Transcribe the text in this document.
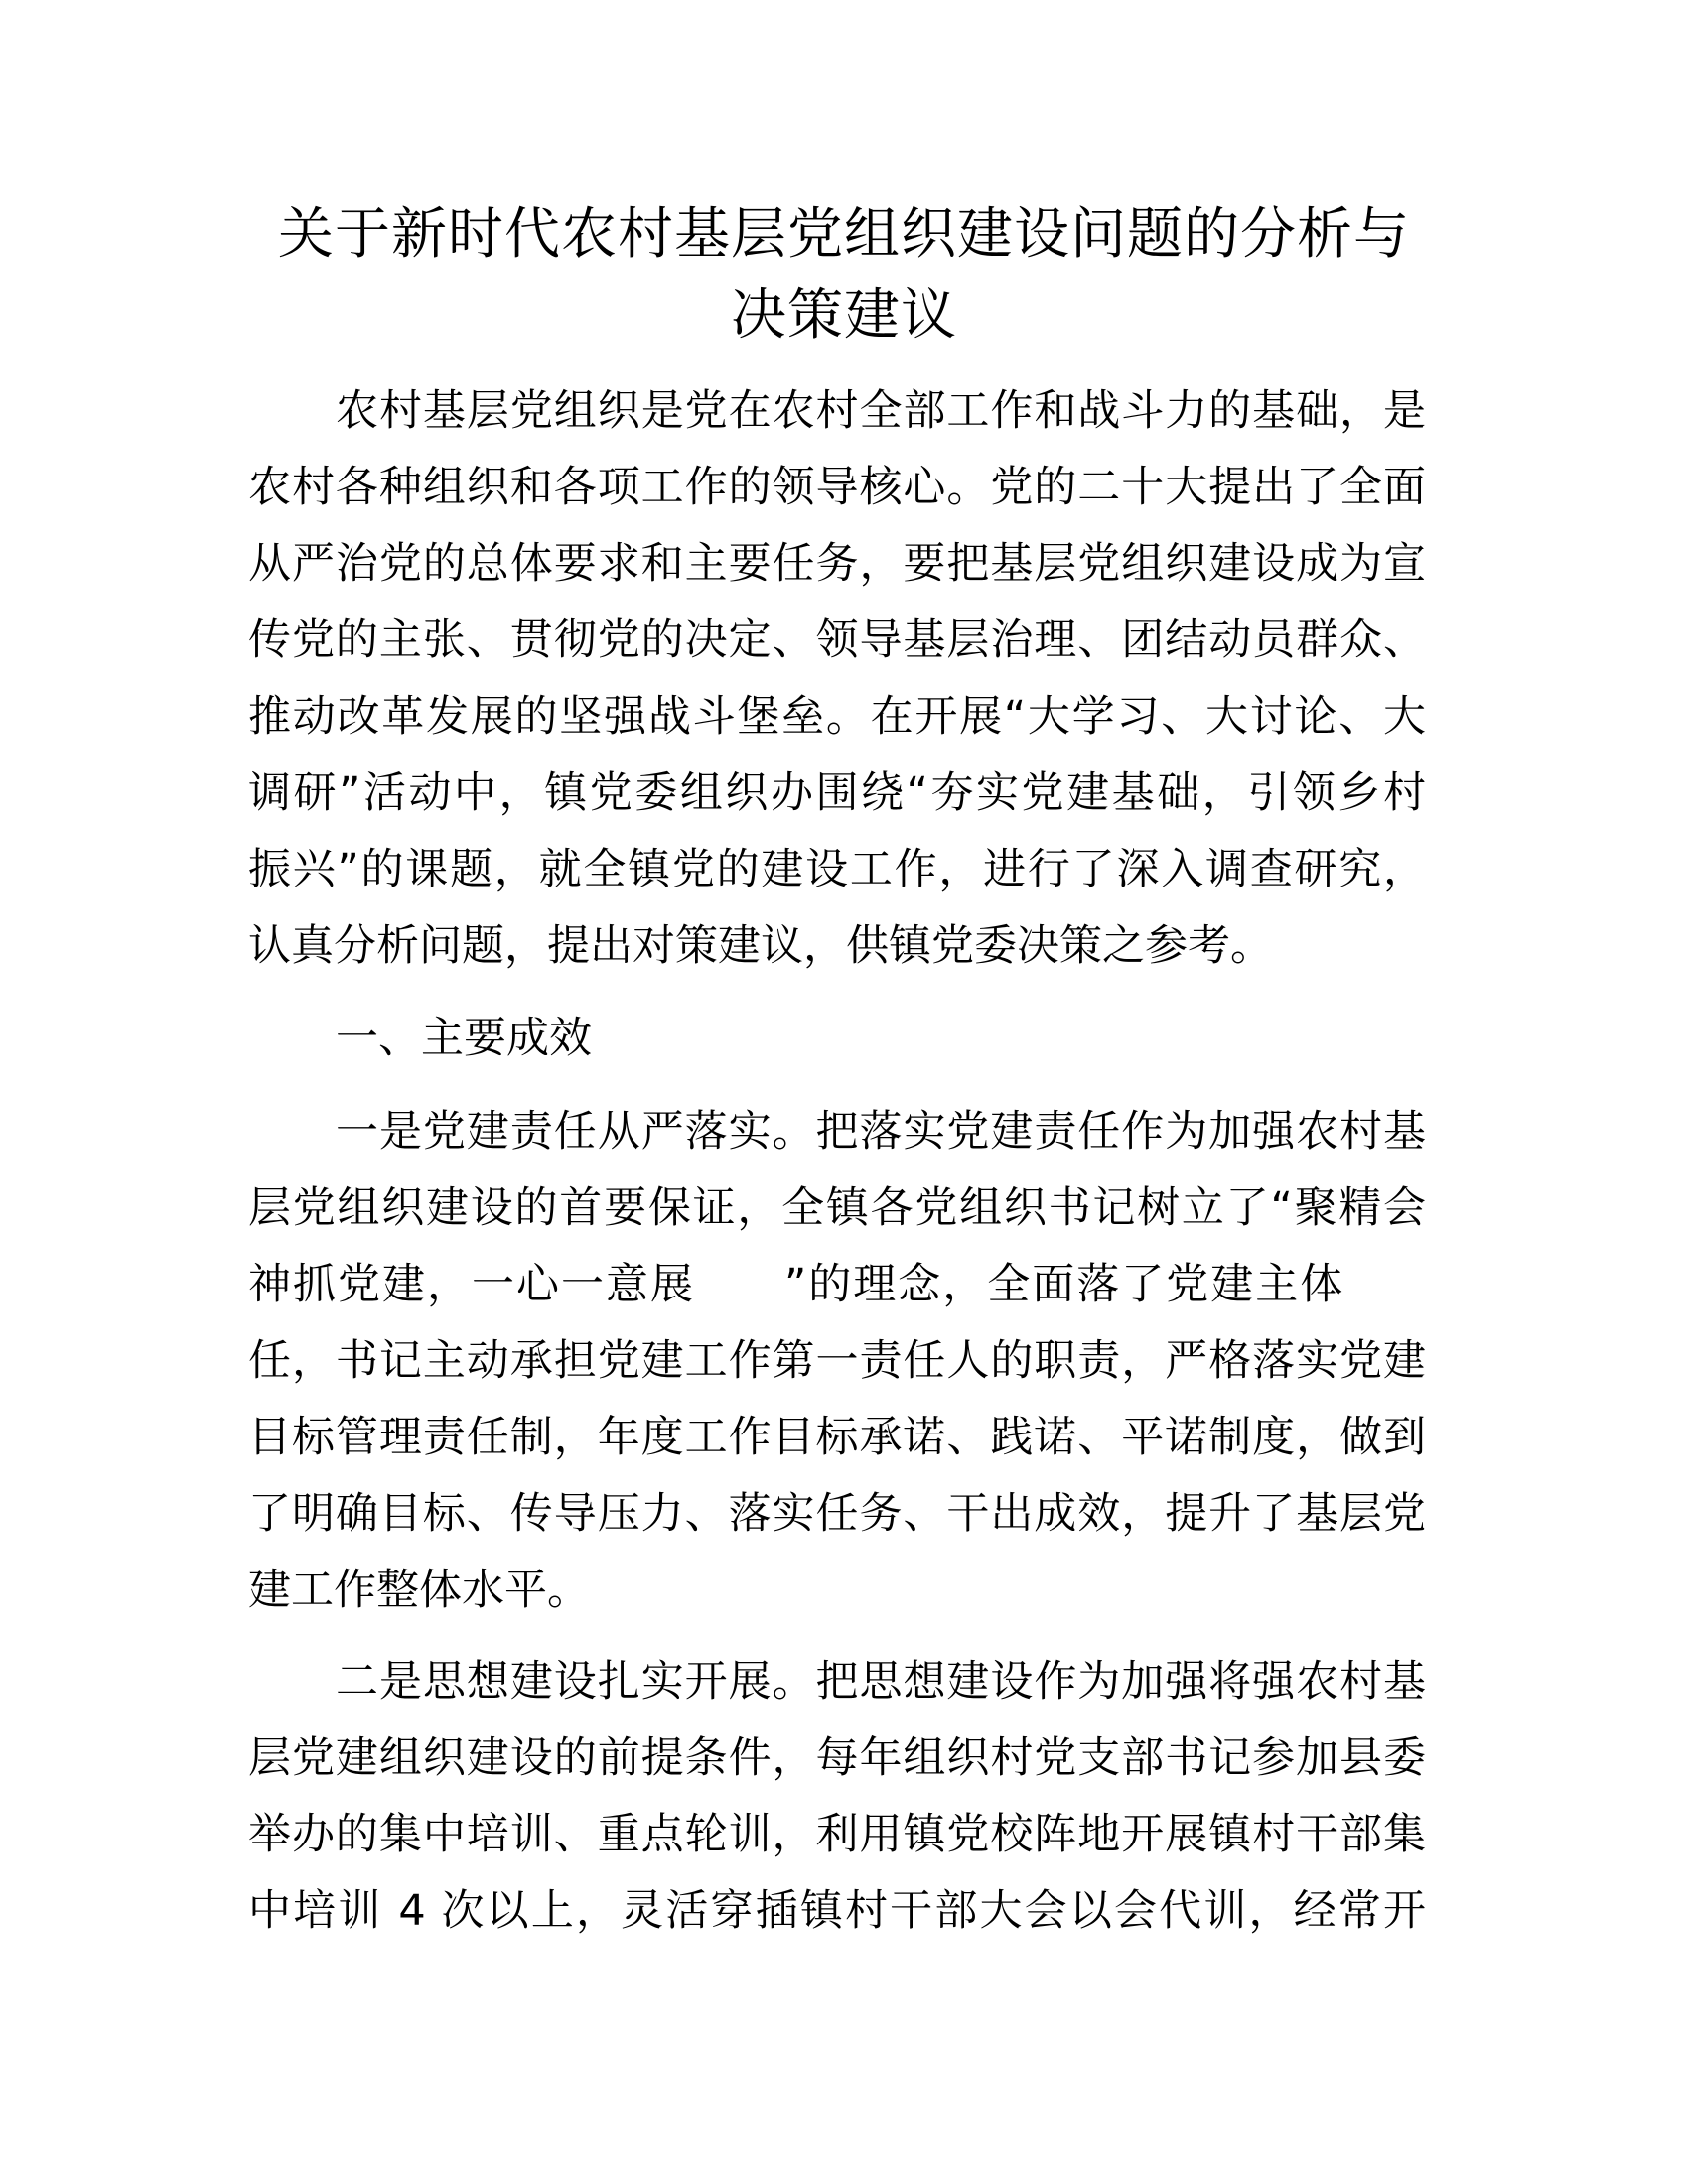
关于新时代农村基层党组织建设问题的分析与
决策建议
农村基层党组织是党在农村全部工作和战斗力的基础，是
农村各种组织和各项工作的领导核心。党的二十大提出了全面
从严治党的总体要求和主要任务，要把基层党组织建设成为宣
传党的主张、贯彻党的决定、领导基层治理、团结动员群众、
推动改革发展的坚强战斗堡垒。在开展“大学习、大讨论、大
调研”活动中，镇党委组织办围绕“夯实党建基础，引领乡村
振兴”的课题，就全镇党的建设工作，进行了深入调查研究，
认真分析问题，提出对策建议，供镇党委决策之参考。
一、主要成效
一是党建责任从严落实。把落实党建责任作为加强农村基
层党组织建设的首要保证，全镇各党组织书记树立了“聚精会
神抓党建，一心一意展　　”的理念，全面落了党建主体
任，书记主动承担党建工作第一责任人的职责，严格落实党建
目标管理责任制，年度工作目标承诺、践诺、平诺制度，做到
了明确目标、传导压力、落实任务、干出成效，提升了基层党
建工作整体水平。
二是思想建设扎实开展。把思想建设作为加强将强农村基
层党建组织建设的前提条件，每年组织村党支部书记参加县委
举办的集中培训、重点轮训，利用镇党校阵地开展镇村干部集
中培训 4 次以上，灵活穿插镇村干部大会以会代训，经常开
